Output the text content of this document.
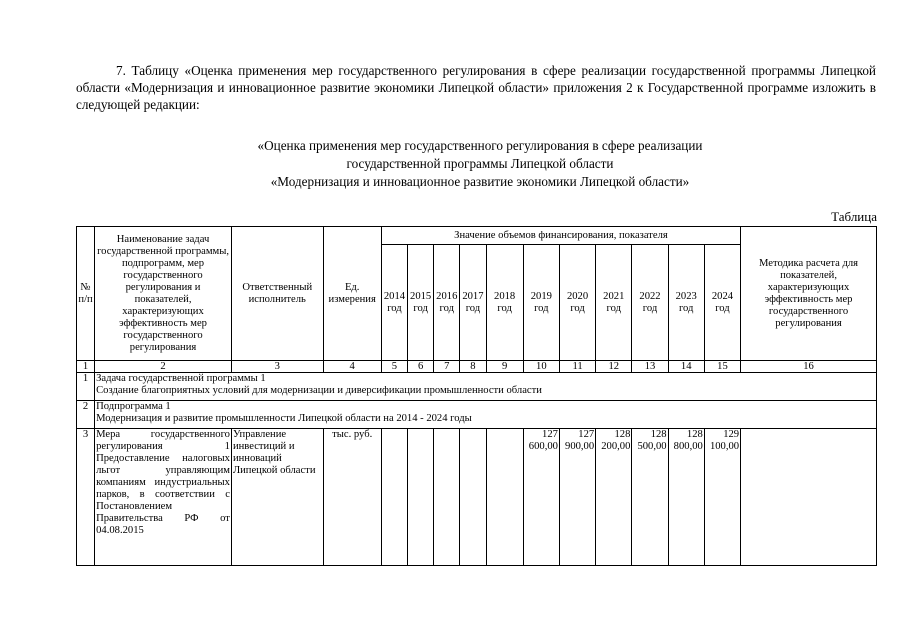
7. Таблицу «Оценка применения мер государственного регулирования в сфере реализации государственной программы Липецкой области «Модернизация и инновационное развитие экономики Липецкой области» приложения 2 к Государственной программе изложить в следующей редакции:
«Оценка применения мер государственного регулирования в сфере реализации
государственной программы Липецкой области
«Модернизация и инновационное развитие экономики Липецкой области»
Таблица
№ п/п	Наименование задач государственной программы, подпрограмм, мер государственного регулирования и показателей, характеризующих эффективность мер государственного регулирования	Ответственный исполнитель	Ед. измерения	Значение объемов финансирования, показателя											Методика расчета для показателей, характеризующих эффективность мер государственного регулирования
				2014 год	2015 год	2016 год	2017 год	2018 год	2019 год	2020 год	2021 год	2022 год	2023 год	2024 год	
1	2	3	4	5	6	7	8	9	10	11	12	13	14	15	16
1	Задача государственной программы 1
Создание благоприятных условий для модернизации и диверсификации промышленности области														

2	Подпрограмма 1
Модернизация и развитие промышленности Липецкой области на 2014 - 2024 годы														

3	Мера государственного регулирования 1 Предоставление налоговых льгот управляющим компаниям индустриальных парков, в соответствии с Постановлением Правительства РФ от 04.08.2015	Управление инвестиций и инноваций Липецкой области	тыс. руб.						127 600,00	127 900,00	128 200,00	128 500,00	128 800,00	129 100,00	
